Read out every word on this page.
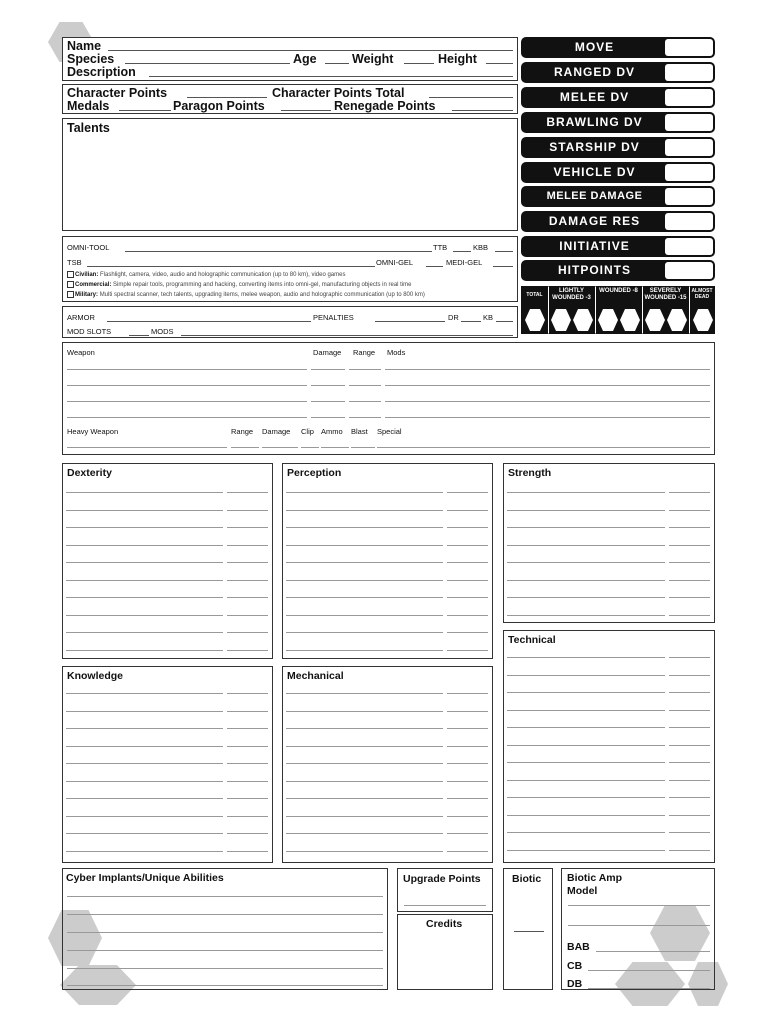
Name
Species	Age	Weight	Height
Description
Character Points	Character Points Total
Medals	Paragon Points	Renegade Points
Talents
OMNI-TOOL	TTB	KBB
TSB	OMNI-GEL	MEDI-GEL
Civilian: Flashlight, camera, video, audio and holographic communication (up to 80 km), video games
Commercial: Simple repair tools, programming and hacking, converting items into omni-gel, manufacturing objects in real time
Military: Multi spectral scanner, tech talents, upgrading items, melee weapon, audio and holographic communication (up to 800 km)
ARMOR	PENALTIES	DR	KB
MOD SLOTS	MODS
MOVE
RANGED DV
MELEE DV
BRAWLING DV
STARSHIP DV
VEHICLE DV
MELEE DAMAGE
DAMAGE RES
INITIATIVE
HITPOINTS
TOTAL
LIGHTLY WOUNDED -3
WOUNDED -8	SEVERELY WOUNDED -15
ALMOST DEAD
Weapon	Damage Range Mods
Heavy Weapon	Range Damage Clip Ammo Blast Special
Dexterity	Perception	Strength
Technical
Knowledge	Mechanical
Cyber Implants/Unique Abilities	Upgrade Points
Credits
Biotic Biotic Amp Model
BAB
CB
DB
